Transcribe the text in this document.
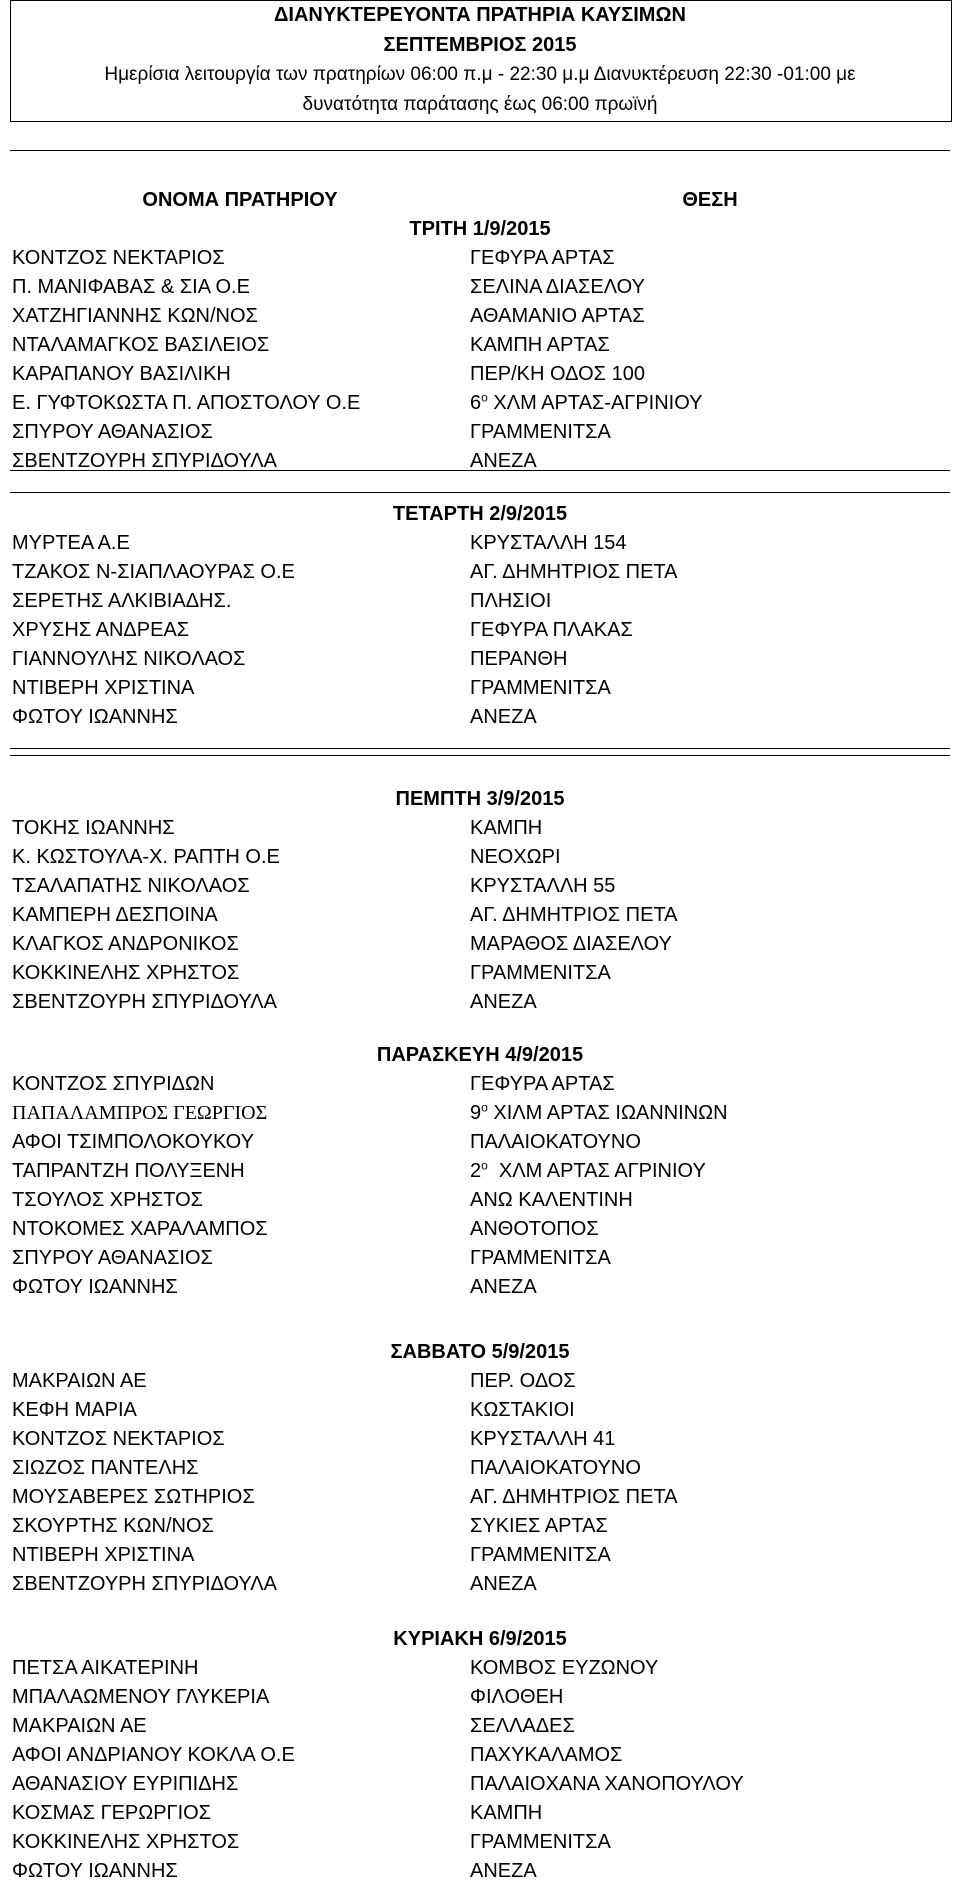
ΔΙΑΝΥΚΤΕΡΕΥΟΝΤΑ ΠΡΑΤΗΡΙΑ ΚΑΥΣΙΜΩΝ
ΣΕΠΤΕΜΒΡΙΟΣ 2015
Ημερίσια λειτουργία των πρατηρίων 06:00 π.μ - 22:30 μ.μ Διανυκτέρευση 22:30 -01:00 με
δυνατότητα παράτασης έως 06:00 πρωϊνή
ΟΝΟΜΑ ΠΡΑΤΗΡΙΟΥ	ΘΕΣΗ
ΤΡΙΤΗ 1/9/2015
ΚΟΝΤΖΟΣ ΝΕΚΤΑΡΙΟΣ	ΓΕΦΥΡΑ ΑΡΤΑΣ
Π. ΜΑΝΙΦΑΒΑΣ & ΣΙΑ Ο.Ε	ΣΕΛΙΝΑ ΔΙΑΣΕΛΟΥ
ΧΑΤΖΗΓΙΑΝΝΗΣ ΚΩΝ/ΝΟΣ	ΑΘΑΜΑΝΙΟ ΑΡΤΑΣ
ΝΤΑΛΑΜΑΓΚΟΣ ΒΑΣΙΛΕΙΟΣ	ΚΑΜΠΗ ΑΡΤΑΣ
ΚΑΡΑΠΑΝΟΥ ΒΑΣΙΛΙΚΗ	ΠΕΡ/ΚΗ ΟΔΟΣ 100
Ε. ΓΥΦΤΟΚΩΣΤΑ Π. ΑΠΟΣΤΟΛΟΥ Ο.Ε	$6^o$ ΧΛΜ ΑΡΤΑΣ-ΑΓΡΙΝΙΟΥ
ΣΠΥΡΟΥ ΑΘΑΝΑΣΙΟΣ	ΓΡΑΜΜΕΝΙΤΣΑ
ΣΒΕΝΤΖΟΥΡΗ ΣΠΥΡΙΔΟΥΛΑ	ΑΝΕΖΑ
ΤΕΤΑΡΤΗ 2/9/2015
ΜΥΡΤΕΑ Α.Ε	ΚΡΥΣΤΑΛΛΗ 154
ΤΖΑΚΟΣ Ν-ΣΙΑΠΛΑΟΥΡΑΣ Ο.Ε	ΑΓ. ΔΗΜΗΤΡΙΟΣ ΠΕΤΑ
ΣΕΡΕΤΗΣ ΑΛΚΙΒΙΑΔΗΣ.	ΠΛΗΣΙΟΙ
ΧΡΥΣΗΣ ΑΝΔΡΕΑΣ	ΓΕΦΥΡΑ ΠΛΑΚΑΣ
ΓΙΑΝΝΟΥΛΗΣ ΝΙΚΟΛΑΟΣ	ΠΕΡΑΝΘΗ
ΝΤΙΒΕΡΗ ΧΡΙΣΤΙΝΑ	ΓΡΑΜΜΕΝΙΤΣΑ
ΦΩΤΟΥ ΙΩΑΝΝΗΣ	ΑΝΕΖΑ
ΠΕΜΠΤΗ 3/9/2015
ΤΟΚΗΣ ΙΩΑΝΝΗΣ	ΚΑΜΠΗ
Κ. ΚΩΣΤΟΥΛΑ-Χ. ΡΑΠΤΗ Ο.Ε	ΝΕΟΧΩΡΙ
ΤΣΑΛΑΠΑΤΗΣ ΝΙΚΟΛΑΟΣ	ΚΡΥΣΤΑΛΛΗ 55
ΚΑΜΠΕΡΗ ΔΕΣΠΟΙΝΑ	ΑΓ. ΔΗΜΗΤΡΙΟΣ ΠΕΤΑ
ΚΛΑΓΚΟΣ ΑΝΔΡΟΝΙΚΟΣ	ΜΑΡΑΘΟΣ ΔΙΑΣΕΛΟΥ
ΚΟΚΚΙΝΕΛΗΣ ΧΡΗΣΤΟΣ	ΓΡΑΜΜΕΝΙΤΣΑ
ΣΒΕΝΤΖΟΥΡΗ ΣΠΥΡΙΔΟΥΛΑ	ΑΝΕΖΑ
ΠΑΡΑΣΚΕΥΗ 4/9/2015
ΚΟΝΤΖΟΣ ΣΠΥΡΙΔΩΝ	ΓΕΦΥΡΑ ΑΡΤΑΣ
ΠΑΠΑΛΑΜΠΡΟΣ ΓΕΩΡΓΙΟΣ	$9^o$ ΧΙΛΜ ΑΡΤΑΣ ΙΩΑΝΝΙΝΩΝ
ΑΦΟΙ ΤΣΙΜΠΟΛΟΚΟΥΚΟΥ	ΠΑΛΑΙΟΚΑΤΟΥΝΟ
ΤΑΠΡΑΝΤΖΗ ΠΟΛΥΞΕΝΗ	$2^o$  ΧΛΜ ΑΡΤΑΣ ΑΓΡΙΝΙΟΥ
ΤΣΟΥΛΟΣ ΧΡΗΣΤΟΣ	ΑΝΩ ΚΑΛΕΝΤΙΝΗ
ΝΤΟΚΟΜΕΣ ΧΑΡΑΛΑΜΠΟΣ	ΑΝΘΟΤΟΠΟΣ
ΣΠΥΡΟΥ ΑΘΑΝΑΣΙΟΣ	ΓΡΑΜΜΕΝΙΤΣΑ
ΦΩΤΟΥ ΙΩΑΝΝΗΣ	ΑΝΕΖΑ
ΣΑΒΒΑΤΟ 5/9/2015
ΜΑΚΡΑΙΩΝ ΑΕ	ΠΕΡ. ΟΔΟΣ
ΚΕΦΗ ΜΑΡΙΑ	ΚΩΣΤΑΚΙΟΙ
ΚΟΝΤΖΟΣ ΝΕΚΤΑΡΙΟΣ	ΚΡΥΣΤΑΛΛΗ 41
ΣΙΩΖΟΣ ΠΑΝΤΕΛΗΣ	ΠΑΛΑΙΟΚΑΤΟΥΝΟ
ΜΟΥΣΑΒΕΡΕΣ ΣΩΤΗΡΙΟΣ	ΑΓ. ΔΗΜΗΤΡΙΟΣ ΠΕΤΑ
ΣΚΟΥΡΤΗΣ ΚΩΝ/ΝΟΣ	ΣΥΚΙΕΣ ΑΡΤΑΣ
ΝΤΙΒΕΡΗ ΧΡΙΣΤΙΝΑ	ΓΡΑΜΜΕΝΙΤΣΑ
ΣΒΕΝΤΖΟΥΡΗ ΣΠΥΡΙΔΟΥΛΑ	ΑΝΕΖΑ
ΚΥΡΙΑΚΗ 6/9/2015
ΠΕΤΣΑ ΑΙΚΑΤΕΡΙΝΗ	ΚΟΜΒΟΣ ΕΥΖΩΝΟΥ
ΜΠΑΛΑΩΜΕΝΟΥ ΓΛΥΚΕΡΙΑ	ΦΙΛΟΘΕΗ
ΜΑΚΡΑΙΩΝ ΑΕ	ΣΕΛΛΑΔΕΣ
ΑΦΟΙ ΑΝΔΡΙΑΝΟΥ ΚΟΚΛΑ Ο.Ε	ΠΑΧΥΚΑΛΑΜΟΣ
ΑΘΑΝΑΣΙΟΥ ΕΥΡΙΠΙΔΗΣ	ΠΑΛΑΙΟΧΑΝΑ ΧΑΝΟΠΟΥΛΟΥ
ΚΟΣΜΑΣ ΓΕΡΩΡΓΙΟΣ	ΚΑΜΠΗ
ΚΟΚΚΙΝΕΛΗΣ ΧΡΗΣΤΟΣ	ΓΡΑΜΜΕΝΙΤΣΑ
ΦΩΤΟΥ ΙΩΑΝΝΗΣ	ΑΝΕΖΑ
